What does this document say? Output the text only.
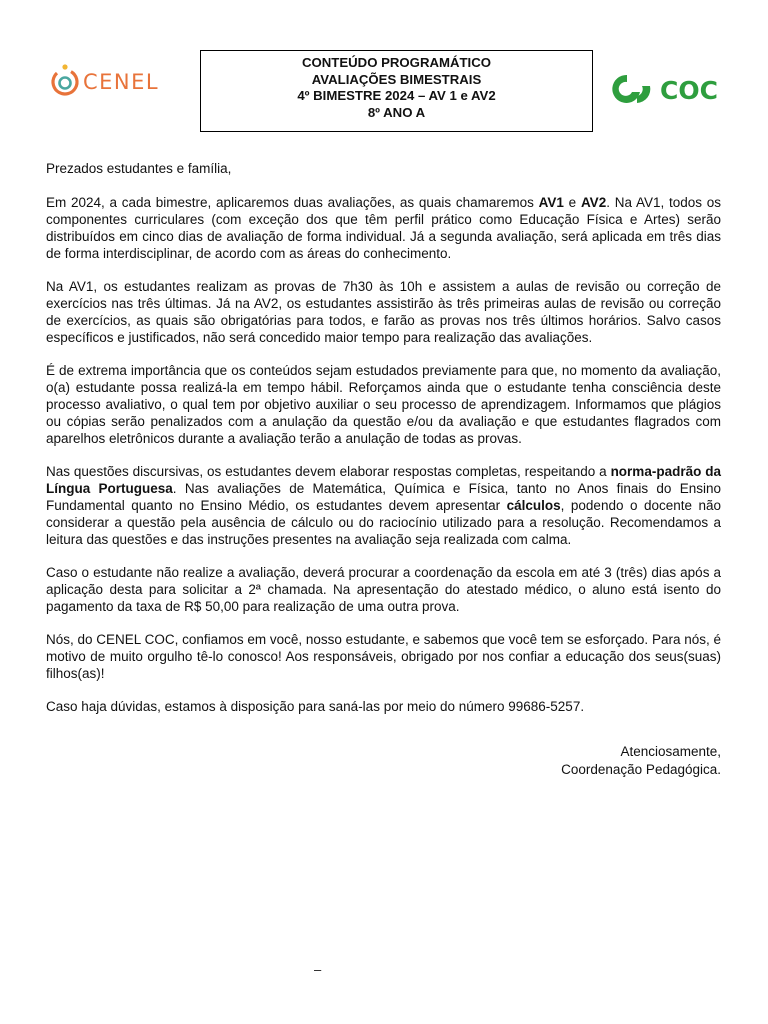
CENEL
CONTEÚDO PROGRAMÁTICO
AVALIAÇÕES BIMESTRAIS
4º BIMESTRE 2024 – AV 1 e AV2
8º ANO A
COC

Prezados estudantes e família,

Em 2024, a cada bimestre, aplicaremos duas avaliações, as quais chamaremos AV1 e AV2. Na AV1, todos os componentes curriculares (com exceção dos que têm perfil prático como Educação Física e Artes) serão distribuídos em cinco dias de avaliação de forma individual. Já a segunda avaliação, será aplicada em três dias de forma interdisciplinar, de acordo com as áreas do conhecimento.

Na AV1, os estudantes realizam as provas de 7h30 às 10h e assistem a aulas de revisão ou correção de exercícios nas três últimas. Já na AV2, os estudantes assistirão às três primeiras aulas de revisão ou correção de exercícios, as quais são obrigatórias para todos, e farão as provas nos três últimos horários. Salvo casos específicos e justificados, não será concedido maior tempo para realização das avaliações.

É de extrema importância que os conteúdos sejam estudados previamente para que, no momento da avaliação, o(a) estudante possa realizá-la em tempo hábil. Reforçamos ainda que o estudante tenha consciência deste processo avaliativo, o qual tem por objetivo auxiliar o seu processo de aprendizagem. Informamos que plágios ou cópias serão penalizados com a anulação da questão e/ou da avaliação e que estudantes flagrados com aparelhos eletrônicos durante a avaliação terão a anulação de todas as provas.

Nas questões discursivas, os estudantes devem elaborar respostas completas, respeitando a norma-padrão da Língua Portuguesa. Nas avaliações de Matemática, Química e Física, tanto no Anos finais do Ensino Fundamental quanto no Ensino Médio, os estudantes devem apresentar cálculos, podendo o docente não considerar a questão pela ausência de cálculo ou do raciocínio utilizado para a resolução. Recomendamos a leitura das questões e das instruções presentes na avaliação seja realizada com calma.

Caso o estudante não realize a avaliação, deverá procurar a coordenação da escola em até 3 (três) dias após a aplicação desta para solicitar a 2ª chamada. Na apresentação do atestado médico, o aluno está isento do pagamento da taxa de R$ 50,00 para realização de uma outra prova.

Nós, do CENEL COC, confiamos em você, nosso estudante, e sabemos que você tem se esforçado. Para nós, é motivo de muito orgulho tê-lo conosco! Aos responsáveis, obrigado por nos confiar a educação dos seus(suas) filhos(as)!

Caso haja dúvidas, estamos à disposição para saná-las por meio do número 99686-5257.

Atenciosamente,
Coordenação Pedagógica.
–
